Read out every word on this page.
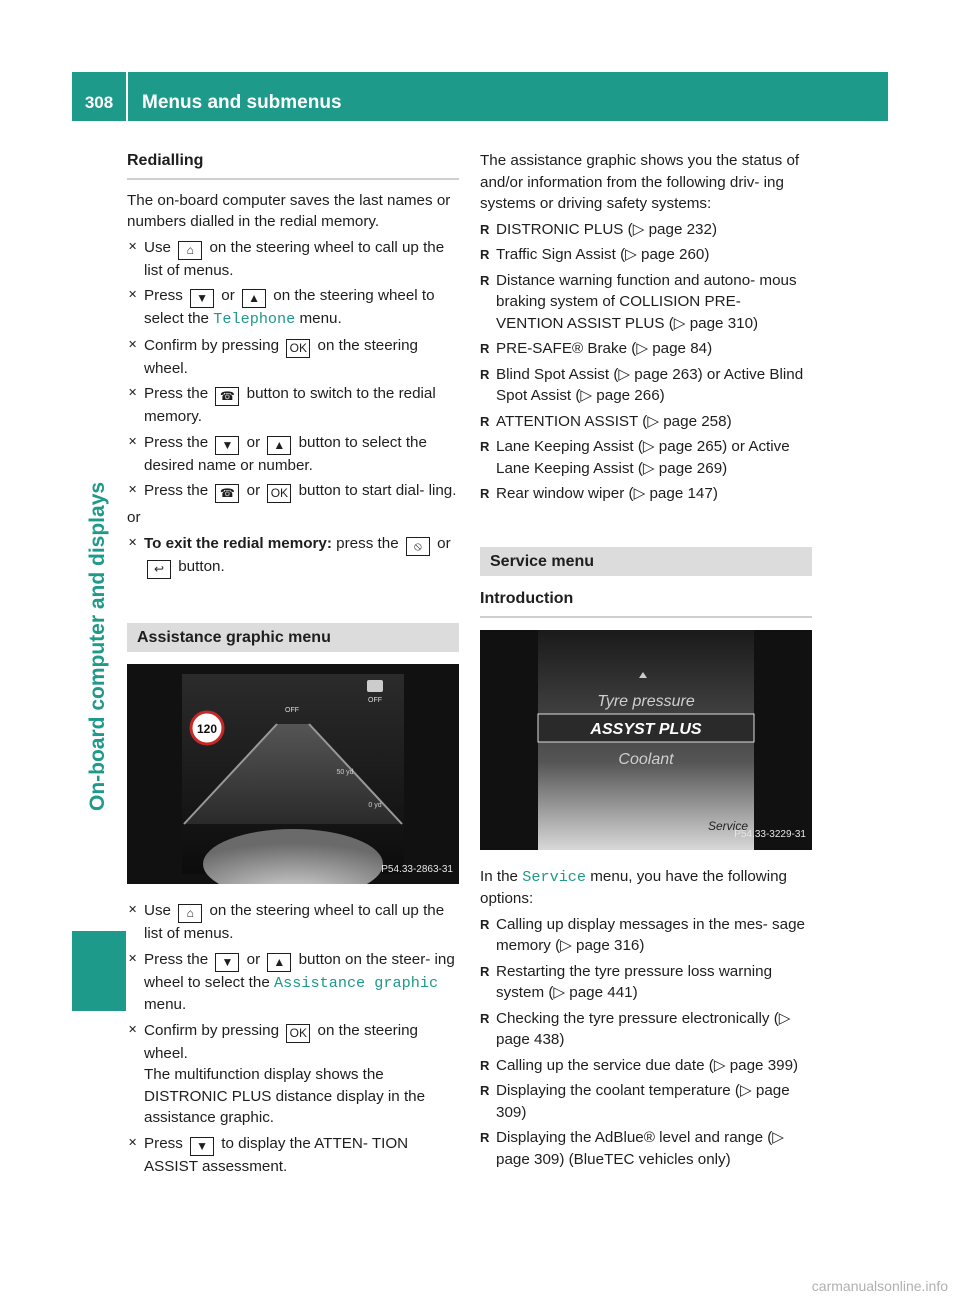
308	Menus and submenus
On-board computer and displays
Redialling

The on-board computer saves the last names or numbers dialled in the redial memory.

✕ Use ⌂ on the steering wheel to call up the list of menus.
✕ Press ▼ or ▲ on the steering wheel to select the Telephone menu.
✕ Confirm by pressing OK on the steering wheel.
✕ Press the ☎ button to switch to the redial memory.
✕ Press the ▼ or ▲ button to select the desired name or number.
✕ Press the ☎ or OK button to start dial- ling.

or

✕ To exit the redial memory: press the ⦸ or ↩ button.
Assistance graphic menu
120
OFF
OFF
50 yd
0 yd
P54.33-2863-31
✕ Use ⌂ on the steering wheel to call up the list of menus.
✕ Press the ▼ or ▲ button on the steer- ing wheel to select the Assistance graphic menu.
✕ Confirm by pressing OK on the steering wheel.
The multifunction display shows the DISTRONIC PLUS distance display in the assistance graphic.
✕ Press ▼ to display the ATTEN- TION ASSIST assessment.

The assistance graphic shows you the status of and/or information from the following driv- ing systems or driving safety systems:

R DISTRONIC PLUS (▷ page 232)
R Traffic Sign Assist (▷ page 260)
R Distance warning function and autono- mous braking system of COLLISION PRE- VENTION ASSIST PLUS (▷ page 310)
R PRE-SAFE® Brake (▷ page 84)
R Blind Spot Assist (▷ page 263) or Active Blind Spot Assist (▷ page 266)
R ATTENTION ASSIST (▷ page 258)
R Lane Keeping Assist (▷ page 265) or Active Lane Keeping Assist (▷ page 269)
R Rear window wiper (▷ page 147)
Service menu
Introduction
Tyre pressure
ASSYST PLUS
Coolant
Service
P54.33-3229-31

In the Service menu, you have the following options:

R Calling up display messages in the mes- sage memory (▷ page 316)
R Restarting the tyre pressure loss warning system (▷ page 441)
R Checking the tyre pressure electronically (▷ page 438)
R Calling up the service due date (▷ page 399)
R Displaying the coolant temperature (▷ page 309)
R Displaying the AdBlue® level and range (▷ page 309) (BlueTEC vehicles only)
carmanualsonline.info
